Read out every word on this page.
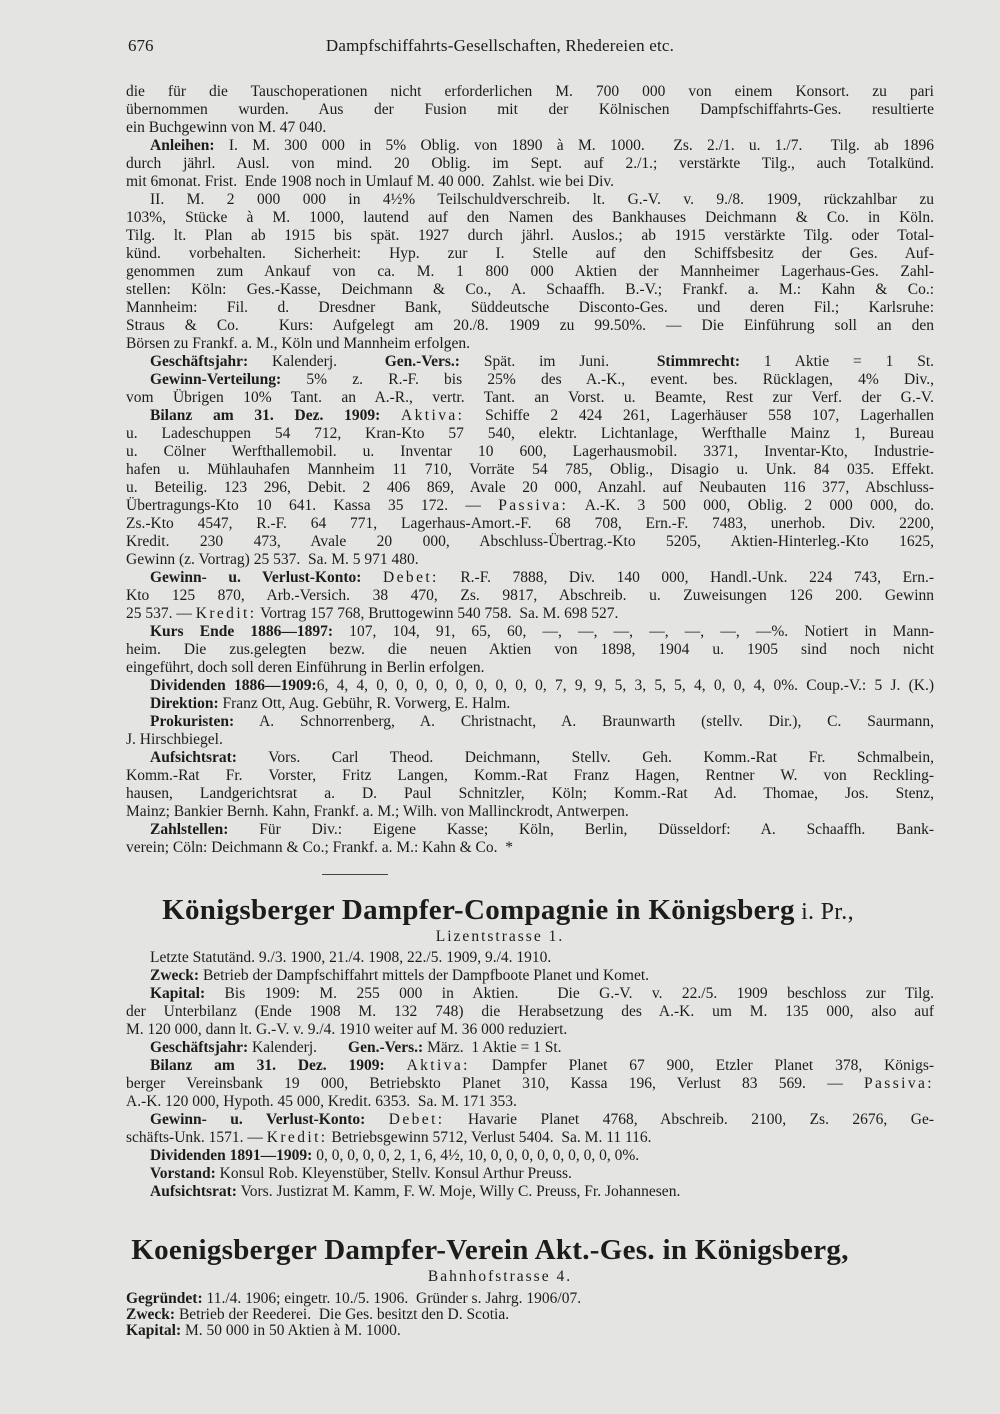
676	Dampfschiffahrts-Gesellschaften, Rhedereien etc.
die für die Tauschoperationen nicht erforderlichen M. 700 000 von einem Konsort. zu pari
übernommen wurden. Aus der Fusion mit der Kölnischen Dampfschiffahrts-Ges. resultierte
ein Buchgewinn von M. 47 040.
Anleihen: I. M. 300 000 in 5% Oblig. von 1890 à M. 1000.  Zs. 2./1. u. 1./7.  Tilg. ab 1896
durch jährl. Ausl. von mind. 20 Oblig. im Sept. auf 2./1.; verstärkte Tilg., auch Totalkünd.
mit 6monat. Frist.  Ende 1908 noch in Umlauf M. 40 000.  Zahlst. wie bei Div.
II. M. 2 000 000 in 4½% Teilschuldverschreib. lt. G.-V. v. 9./8. 1909, rückzahlbar zu
103%, Stücke à M. 1000, lautend auf den Namen des Bankhauses Deichmann & Co. in Köln.
Tilg. lt. Plan ab 1915 bis spät. 1927 durch jährl. Auslos.; ab 1915 verstärkte Tilg. oder Total-
künd. vorbehalten. Sicherheit: Hyp. zur I. Stelle auf den Schiffsbesitz der Ges. Auf-
genommen zum Ankauf von ca. M. 1 800 000 Aktien der Mannheimer Lagerhaus-Ges. Zahl-
stellen: Köln: Ges.-Kasse, Deichmann & Co., A. Schaaffh. B.-V.; Frankf. a. M.: Kahn & Co.:
Mannheim: Fil. d. Dresdner Bank, Süddeutsche Disconto-Ges. und deren Fil.; Karlsruhe:
Straus & Co.  Kurs: Aufgelegt am 20./8. 1909 zu 99.50%. — Die Einführung soll an den
Börsen zu Frankf. a. M., Köln und Mannheim erfolgen.
Geschäftsjahr: Kalenderj.  Gen.-Vers.: Spät. im Juni.  Stimmrecht: 1 Aktie = 1 St.
Gewinn-Verteilung: 5% z. R.-F. bis 25% des A.-K., event. bes. Rücklagen, 4% Div.,
vom Übrigen 10% Tant. an A.-R., vertr. Tant. an Vorst. u. Beamte, Rest zur Verf. der G.-V.
Bilanz am 31. Dez. 1909: Aktiva: Schiffe 2 424 261, Lagerhäuser 558 107, Lagerhallen
u. Ladeschuppen 54 712, Kran-Kto 57 540, elektr. Lichtanlage, Werfthalle Mainz 1, Bureau
u. Cölner Werfthallemobil. u. Inventar 10 600, Lagerhausmobil. 3371, Inventar-Kto, Industrie-
hafen u. Mühlauhafen Mannheim 11 710, Vorräte 54 785, Oblig., Disagio u. Unk. 84 035. Effekt.
u. Beteilig. 123 296, Debit. 2 406 869, Avale 20 000, Anzahl. auf Neubauten 116 377, Abschluss-
Übertragungs-Kto 10 641. Kassa 35 172. — Passiva: A.-K. 3 500 000, Oblig. 2 000 000, do.
Zs.-Kto 4547, R.-F. 64 771, Lagerhaus-Amort.-F. 68 708, Ern.-F. 7483, unerhob. Div. 2200,
Kredit. 230 473, Avale 20 000, Abschluss-Übertrag.-Kto 5205, Aktien-Hinterleg.-Kto 1625,
Gewinn (z. Vortrag) 25 537.  Sa. M. 5 971 480.
Gewinn- u. Verlust-Konto: Debet: R.-F. 7888, Div. 140 000, Handl.-Unk. 224 743, Ern.-
Kto 125 870, Arb.-Versich. 38 470, Zs. 9817, Abschreib. u. Zuweisungen 126 200. Gewinn
25 537. — Kredit: Vortrag 157 768, Bruttogewinn 540 758.  Sa. M. 698 527.
Kurs Ende 1886—1897: 107, 104, 91, 65, 60, —, —, —, —, —, —, —%. Notiert in Mann-
heim. Die zus.gelegten bezw. die neuen Aktien von 1898, 1904 u. 1905 sind noch nicht
eingeführt, doch soll deren Einführung in Berlin erfolgen.
Dividenden 1886—1909:6, 4, 4, 0, 0, 0, 0, 0, 0, 0, 0, 0, 7, 9, 9, 5, 3, 5, 5, 4, 0, 0, 4, 0%. Coup.-V.: 5 J. (K.)
Direktion: Franz Ott, Aug. Gebühr, R. Vorwerg, E. Halm.
Prokuristen: A. Schnorrenberg, A. Christnacht, A. Braunwarth (stellv. Dir.), C. Saurmann,
J. Hirschbiegel.
Aufsichtsrat: Vors. Carl Theod. Deichmann, Stellv. Geh. Komm.-Rat Fr. Schmalbein,
Komm.-Rat Fr. Vorster, Fritz Langen, Komm.-Rat Franz Hagen, Rentner W. von Reckling-
hausen, Landgerichtsrat a. D. Paul Schnitzler, Köln; Komm.-Rat Ad. Thomae, Jos. Stenz,
Mainz; Bankier Bernh. Kahn, Frankf. a. M.; Wilh. von Mallinckrodt, Antwerpen.
Zahlstellen: Für Div.: Eigene Kasse; Köln, Berlin, Düsseldorf: A. Schaaffh. Bank-
verein; Cöln: Deichmann & Co.; Frankf. a. M.: Kahn & Co.  *
Königsberger Dampfer-Compagnie in Königsberg i. Pr.,
Lizentstrasse 1.
Letzte Statutänd. 9./3. 1900, 21./4. 1908, 22./5. 1909, 9./4. 1910.
Zweck: Betrieb der Dampfschiffahrt mittels der Dampfboote Planet und Komet.
Kapital: Bis 1909: M. 255 000 in Aktien.  Die G.-V. v. 22./5. 1909 beschloss zur Tilg.
der Unterbilanz (Ende 1908 M. 132 748) die Herabsetzung des A.-K. um M. 135 000, also auf
M. 120 000, dann lt. G.-V. v. 9./4. 1910 weiter auf M. 36 000 reduziert.
Geschäftsjahr: Kalenderj.        Gen.-Vers.: März.  1 Aktie = 1 St.
Bilanz am 31. Dez. 1909: Aktiva: Dampfer Planet 67 900, Etzler Planet 378, Königs-
berger Vereinsbank 19 000, Betriebskto Planet 310, Kassa 196, Verlust 83 569. — Passiva:
A.-K. 120 000, Hypoth. 45 000, Kredit. 6353.  Sa. M. 171 353.
Gewinn- u. Verlust-Konto: Debet: Havarie Planet 4768, Abschreib. 2100, Zs. 2676, Ge-
schäfts-Unk. 1571. — Kredit: Betriebsgewinn 5712, Verlust 5404.  Sa. M. 11 116.
Dividenden 1891—1909: 0, 0, 0, 0, 0, 2, 1, 6, 4½, 10, 0, 0, 0, 0, 0, 0, 0, 0, 0%.
Vorstand: Konsul Rob. Kleyenstüber, Stellv. Konsul Arthur Preuss.
Aufsichtsrat: Vors. Justizrat M. Kamm, F. W. Moje, Willy C. Preuss, Fr. Johannesen.
Koenigsberger Dampfer-Verein Akt.-Ges. in Königsberg,
Bahnhofstrasse 4.
Gegründet: 11./4. 1906; eingetr. 10./5. 1906.  Gründer s. Jahrg. 1906/07.
Zweck: Betrieb der Reederei.  Die Ges. besitzt den D. Scotia.
Kapital: M. 50 000 in 50 Aktien à M. 1000.
